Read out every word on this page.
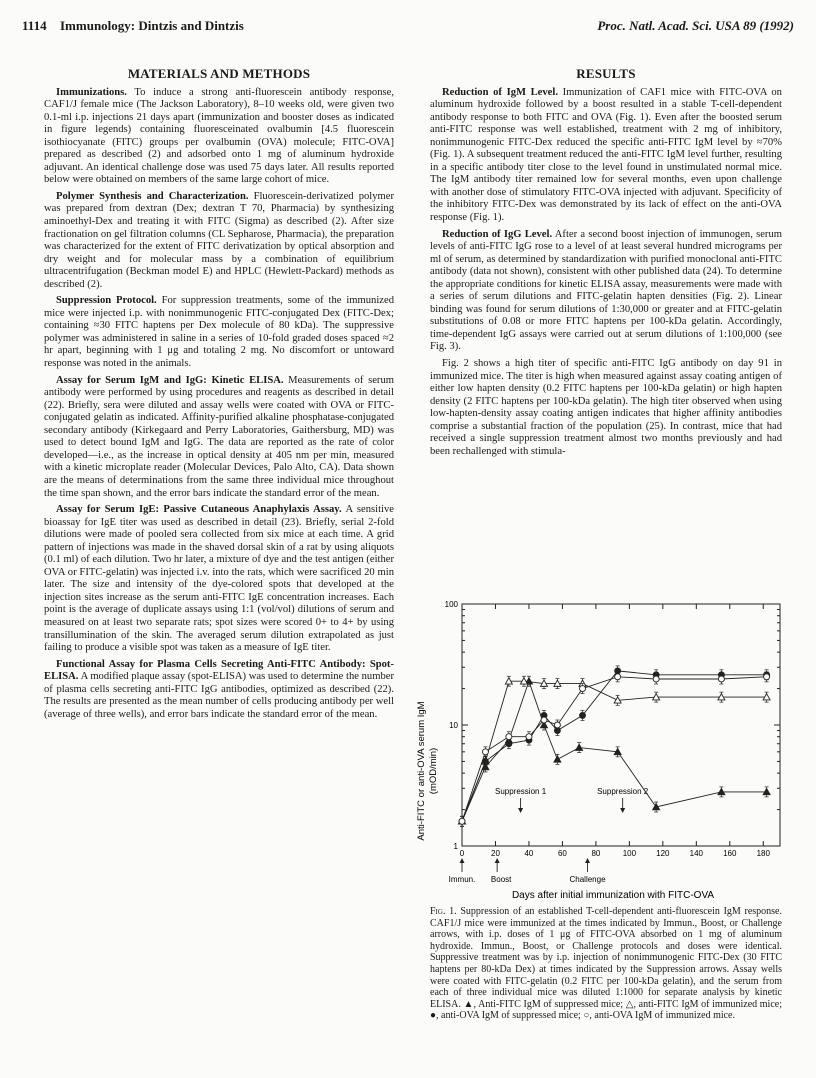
1114 Immunology: Dintzis and Dintzis	Proc. Natl. Acad. Sci. USA 89 (1992)
MATERIALS AND METHODS

Immunizations. To induce a strong anti-fluorescein antibody response, CAF1/J female mice (The Jackson Laboratory), 8–10 weeks old, were given two 0.1-ml i.p. injections 21 days apart (immunization and booster doses as indicated in figure legends) containing fluoresceinated ovalbumin [4.5 fluorescein isothiocyanate (FITC) groups per ovalbumin (OVA) molecule; FITC-OVA] prepared as described (2) and adsorbed onto 1 mg of aluminum hydroxide adjuvant. An identical challenge dose was used 75 days later. All results reported below were obtained on members of the same large cohort of mice.

Polymer Synthesis and Characterization. Fluorescein-derivatized polymer was prepared from dextran (Dex; dextran T 70, Pharmacia) by synthesizing aminoethyl-Dex and treating it with FITC (Sigma) as described (2). After size fractionation on gel filtration columns (CL Sepharose, Pharmacia), the preparation was characterized for the extent of FITC derivatization by optical absorption and dry weight and for molecular mass by a combination of equilibrium ultracentrifugation (Beckman model E) and HPLC (Hewlett-Packard) methods as described (2).

Suppression Protocol. For suppression treatments, some of the immunized mice were injected i.p. with nonimmunogenic FITC-conjugated Dex (FITC-Dex; containing ≈30 FITC haptens per Dex molecule of 80 kDa). The suppressive polymer was administered in saline in a series of 10-fold graded doses spaced ≈2 hr apart, beginning with 1 μg and totaling 2 mg. No discomfort or untoward response was noted in the animals.

Assay for Serum IgM and IgG: Kinetic ELISA. Measurements of serum antibody were performed by using procedures and reagents as described in detail (22). Briefly, sera were diluted and assay wells were coated with OVA or FITC-conjugated gelatin as indicated. Affinity-purified alkaline phosphatase-conjugated secondary antibody (Kirkegaard and Perry Laboratories, Gaithersburg, MD) was used to detect bound IgM and IgG. The data are reported as the rate of color developed—i.e., as the increase in optical density at 405 nm per min, measured with a kinetic microplate reader (Molecular Devices, Palo Alto, CA). Data shown are the means of determinations from the same three individual mice throughout the time span shown, and the error bars indicate the standard error of the mean.

Assay for Serum IgE: Passive Cutaneous Anaphylaxis Assay. A sensitive bioassay for IgE titer was used as described in detail (23). Briefly, serial 2-fold dilutions were made of pooled sera collected from six mice at each time. A grid pattern of injections was made in the shaved dorsal skin of a rat by using aliquots (0.1 ml) of each dilution. Two hr later, a mixture of dye and the test antigen (either OVA or FITC-gelatin) was injected i.v. into the rats, which were sacrificed 20 min later. The size and intensity of the dye-colored spots that developed at the injection sites increase as the serum anti-FITC IgE concentration increases. Each point is the average of duplicate assays using 1:1 (vol/vol) dilutions of serum and measured on at least two separate rats; spot sizes were scored 0+ to 4+ by using transillumination of the skin. The averaged serum dilution extrapolated as just failing to produce a visible spot was taken as a measure of IgE titer.

Functional Assay for Plasma Cells Secreting Anti-FITC Antibody: Spot-ELISA. A modified plaque assay (spot-ELISA) was used to determine the number of plasma cells secreting anti-FITC IgG antibodies, optimized as described (22). The results are presented as the mean number of cells producing antibody per well (average of three wells), and error bars indicate the standard error of the mean.

RESULTS

Reduction of IgM Level. Immunization of CAF1 mice with FITC-OVA on aluminum hydroxide followed by a boost resulted in a stable T-cell-dependent antibody response to both FITC and OVA (Fig. 1). Even after the boosted serum anti-FITC response was well established, treatment with 2 mg of inhibitory, nonimmunogenic FITC-Dex reduced the specific anti-FITC IgM level by ≈70% (Fig. 1). A subsequent treatment reduced the anti-FITC IgM level further, resulting in a specific antibody titer close to the level found in unstimulated normal mice. The IgM antibody titer remained low for several months, even upon challenge with another dose of stimulatory FITC-OVA injected with adjuvant. Specificity of the inhibitory FITC-Dex was demonstrated by its lack of effect on the anti-OVA response (Fig. 1).

Reduction of IgG Level. After a second boost injection of immunogen, serum levels of anti-FITC IgG rose to a level of at least several hundred micrograms per ml of serum, as determined by standardization with purified monoclonal anti-FITC antibody (data not shown), consistent with other published data (24). To determine the appropriate conditions for kinetic ELISA assay, measurements were made with a series of serum dilutions and FITC-gelatin hapten densities (Fig. 2). Linear binding was found for serum dilutions of 1:30,000 or greater and at FITC-gelatin substitutions of 0.08 or more FITC haptens per 100-kDa gelatin. Accordingly, time-dependent IgG assays were carried out at serum dilutions of 1:100,000 (see Fig. 3).

Fig. 2 shows a high titer of specific anti-FITC IgG antibody on day 91 in immunized mice. The titer is high when measured against assay coating antigen of either low hapten density (0.2 FITC haptens per 100-kDa gelatin) or high hapten density (2 FITC haptens per 100-kDa gelatin). The high titer observed when using low-hapten-density assay coating antigen indicates that higher affinity antibodies comprise a substantial fraction of the population (25). In contrast, mice that had received a single suppression treatment almost two months previously and had been rechallenged with stimula-

0	20	40	60	80	100	120	140	160	180
1
10
100
Suppression 1	Suppression 2
Immun. Boost	Challenge
Anti-FITC or anti-OVA serum IgM (mOD/min)
Days after initial immunization with FITC-OVA
Fig. 1. Suppression of an established T-cell-dependent anti-fluorescein IgM response. CAF1/J mice were immunized at the times indicated by Immun., Boost, or Challenge arrows, with i.p. doses of 1 μg of FITC-OVA absorbed on 1 mg of aluminum hydroxide. Immun., Boost, or Challenge protocols and doses were identical. Suppressive treatment was by i.p. injection of nonimmunogenic FITC-Dex (30 FITC haptens per 80-kDa Dex) at times indicated by the Suppression arrows. Assay wells were coated with FITC-gelatin (0.2 FITC per 100-kDa gelatin), and the serum from each of three individual mice was diluted 1:1000 for separate analysis by kinetic ELISA. ▲, Anti-FITC IgM of suppressed mice; △, anti-FITC IgM of immunized mice; ●, anti-OVA IgM of suppressed mice; ○, anti-OVA IgM of immunized mice.
